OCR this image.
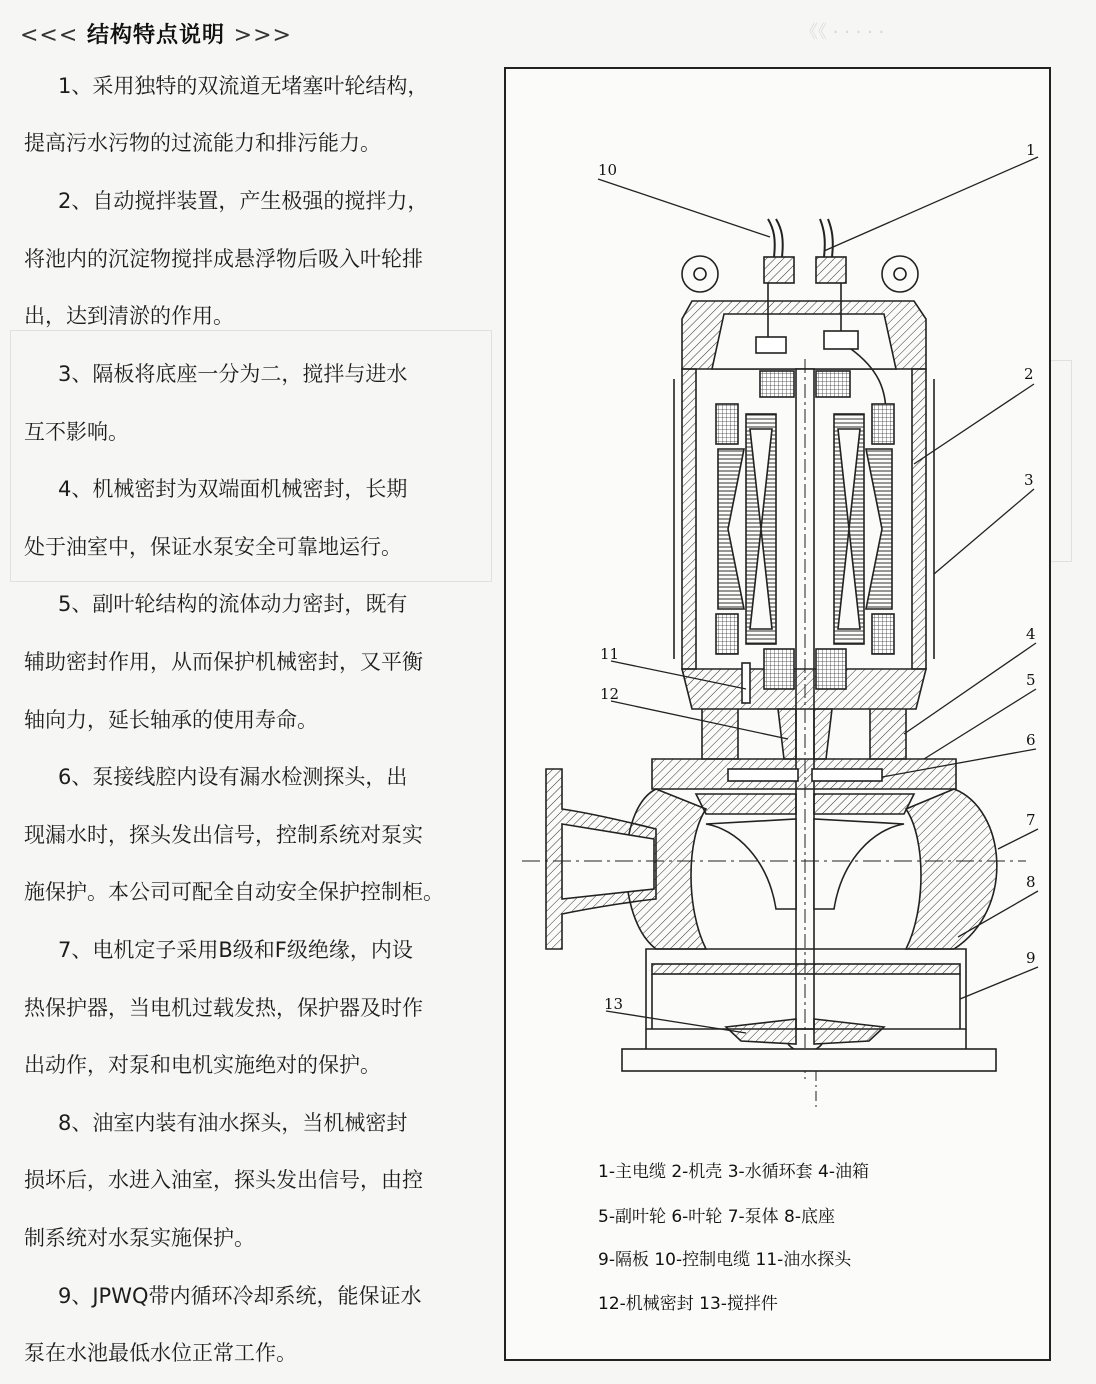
《《 · · · · ·
<<< 结构特点说明 >>>
1、采用独特的双流道无堵塞叶轮结构，
提高污水污物的过流能力和排污能力。
2、自动搅拌装置，产生极强的搅拌力，
将池内的沉淀物搅拌成悬浮物后吸入叶轮排
出，达到清淤的作用。
3、隔板将底座一分为二，搅拌与进水
互不影响。
4、机械密封为双端面机械密封，长期
处于油室中，保证水泵安全可靠地运行。
5、副叶轮结构的流体动力密封，既有
辅助密封作用，从而保护机械密封，又平衡
轴向力，延长轴承的使用寿命。
6、泵接线腔内设有漏水检测探头，出
现漏水时，探头发出信号，控制系统对泵实
施保护。本公司可配全自动安全保护控制柜。
7、电机定子采用B级和F级绝缘，内设
热保护器，当电机过载发热，保护器及时作
出动作，对泵和电机实施绝对的保护。
8、油室内装有油水探头，当机械密封
损坏后，水进入油室，探头发出信号，由控
制系统对水泵实施保护。
9、JPWQ带内循环冷却系统，能保证水
泵在水池最低水位正常工作。
10
1
2
3
4
5
6
7
8
9
11
12
13
1-主电缆 2-机壳 3-水循环套 4-油箱
5-副叶轮 6-叶轮 7-泵体 8-底座
9-隔板 10-控制电缆 11-油水探头
12-机械密封 13-搅拌件
